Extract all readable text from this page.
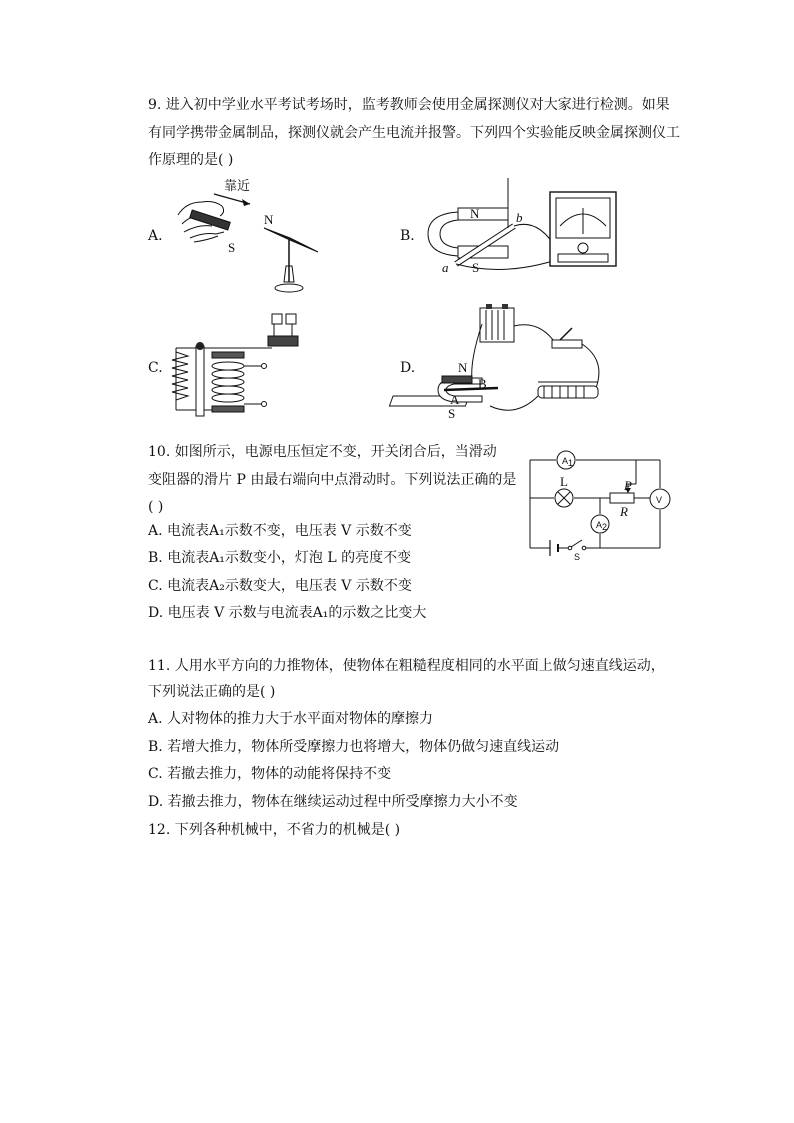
9. 进入初中学业水平考试考场时，监考教师会使用金属探测仪对大家进行检测。如果
有同学携带金属制品，探测仪就会产生电流并报警。下列四个实验能反映金属探测仪工
作原理的是( )
A.	B.
C.	D.
靠近
N
S
N
S
a
b
N
S
A
B
10. 如图所示，电源电压恒定不变，开关闭合后，当滑动
变阻器的滑片 P 由最右端向中点滑动时。下列说法正确的是
( )
A. 电流表A₁示数不变，电压表 V 示数不变
B. 电流表A₁示数变小，灯泡 L 的亮度不变
C. 电流表A₂示数变大，电压表 V 示数不变
D. 电压表 V 示数与电流表A₁的示数之比变大
A 1
L	P
R
V
A 2
S
11. 人用水平方向的力推物体，使物体在粗糙程度相同的水平面上做匀速直线运动，
下列说法正确的是( )
A. 人对物体的推力大于水平面对物体的摩擦力
B. 若增大推力，物体所受摩擦力也将增大，物体仍做匀速直线运动
C. 若撤去推力，物体的动能将保持不变
D. 若撤去推力，物体在继续运动过程中所受摩擦力大小不变
12. 下列各种机械中，不省力的机械是( )
